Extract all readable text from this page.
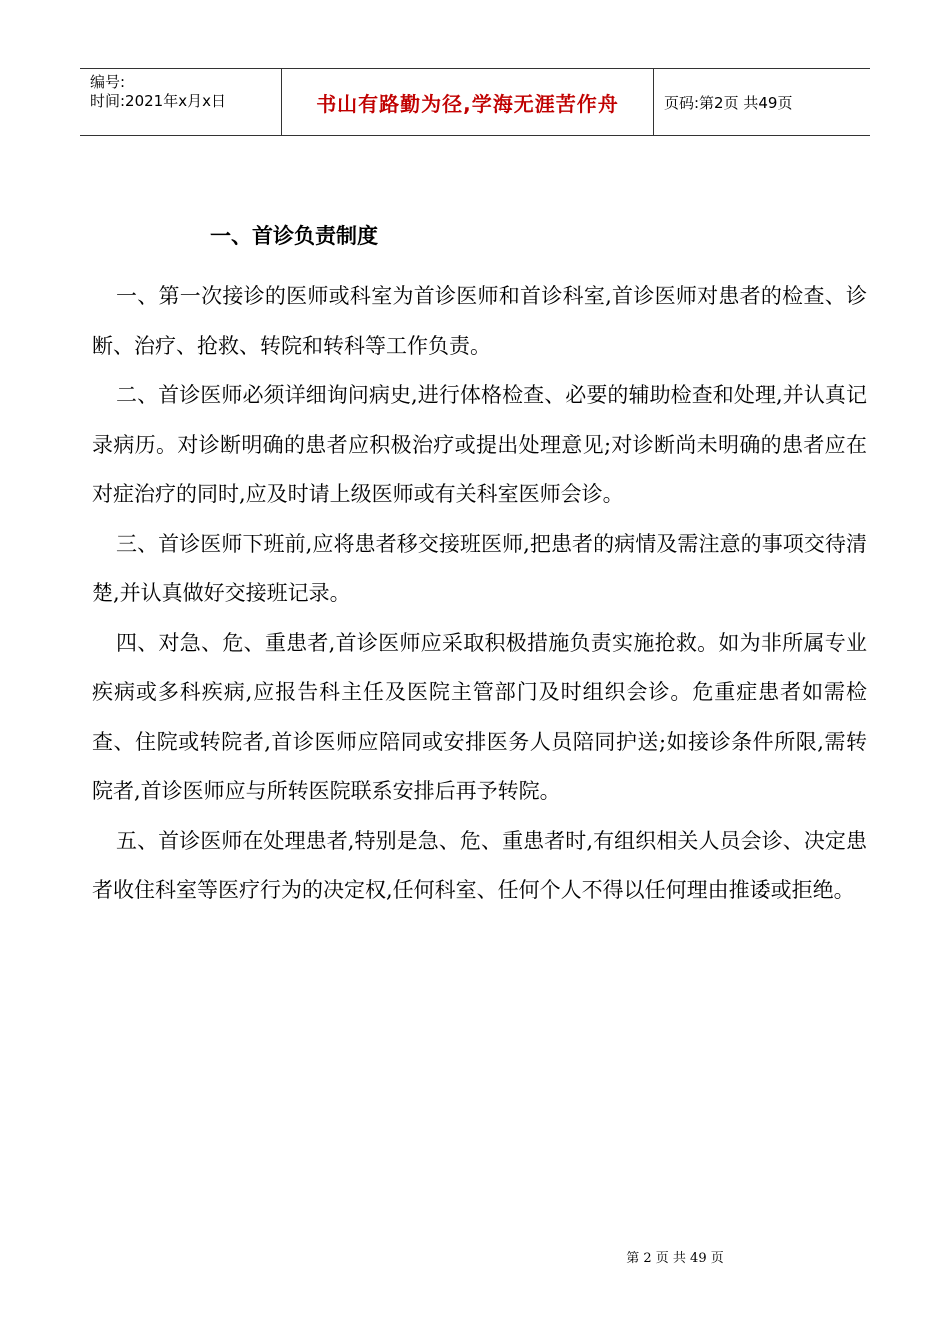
编号:
时间:2021年x月x日	书山有路勤为径,学海无涯苦作舟	页码:第2页 共49页
一、首诊负责制度

一、第一次接诊的医师或科室为首诊医师和首诊科室,首诊医师对患者的检查、诊断、治疗、抢救、转院和转科等工作负责。

二、首诊医师必须详细询问病史,进行体格检查、必要的辅助检查和处理,并认真记录病历。对诊断明确的患者应积极治疗或提出处理意见;对诊断尚未明确的患者应在对症治疗的同时,应及时请上级医师或有关科室医师会诊。

三、首诊医师下班前,应将患者移交接班医师,把患者的病情及需注意的事项交待清楚,并认真做好交接班记录。

四、对急、危、重患者,首诊医师应采取积极措施负责实施抢救。如为非所属专业疾病或多科疾病,应报告科主任及医院主管部门及时组织会诊。危重症患者如需检查、住院或转院者,首诊医师应陪同或安排医务人员陪同护送;如接诊条件所限,需转院者,首诊医师应与所转医院联系安排后再予转院。

五、首诊医师在处理患者,特别是急、危、重患者时,有组织相关人员会诊、决定患者收住科室等医疗行为的决定权,任何科室、任何个人不得以任何理由推诿或拒绝。

第 2 页 共 49 页
